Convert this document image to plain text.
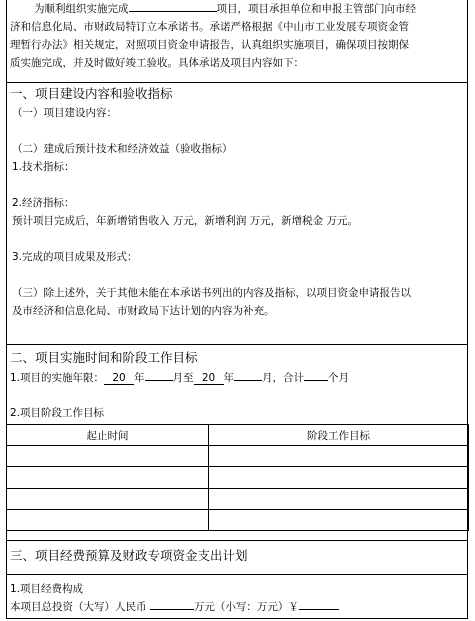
为顺利组织实施完成	项目，项目承担单位和申报主管部门向市经
济和信息化局、市财政局特订立本承诺书。承诺严格根据《中山市工业发展专项资金管
理暂行办法》相关规定，对照项目资金申请报告，认真组织实施项目，确保项目按期保
质实施完成，并及时做好竣工验收。具体承诺及项目内容如下：
一、项目建设内容和验收指标
（一）项目建设内容：
（二）建成后预计技术和经济效益（验收指标）
1.技术指标：
2.经济指标：
预计项目完成后，年新增销售收入 万元，新增利润 万元，新增税金 万元。
3.完成的项目成果及形式：
（三）除上述外，关于其他未能在本承诺书列出的内容及指标，以项目资金申请报告以
及市经济和信息化局、市财政局下达计划的内容为补充。
二、项目实施时间和阶段工作目标
1.项目的实施年限： 20 年	月至 20 年	月，合计 个月
2.项目阶段工作目标
起止时间	阶段工作目标

三、项目经费预算及财政专项资金支出计划
1.项目经费构成
本项目总投资（大写）人民币	万元（小写：万元）￥
